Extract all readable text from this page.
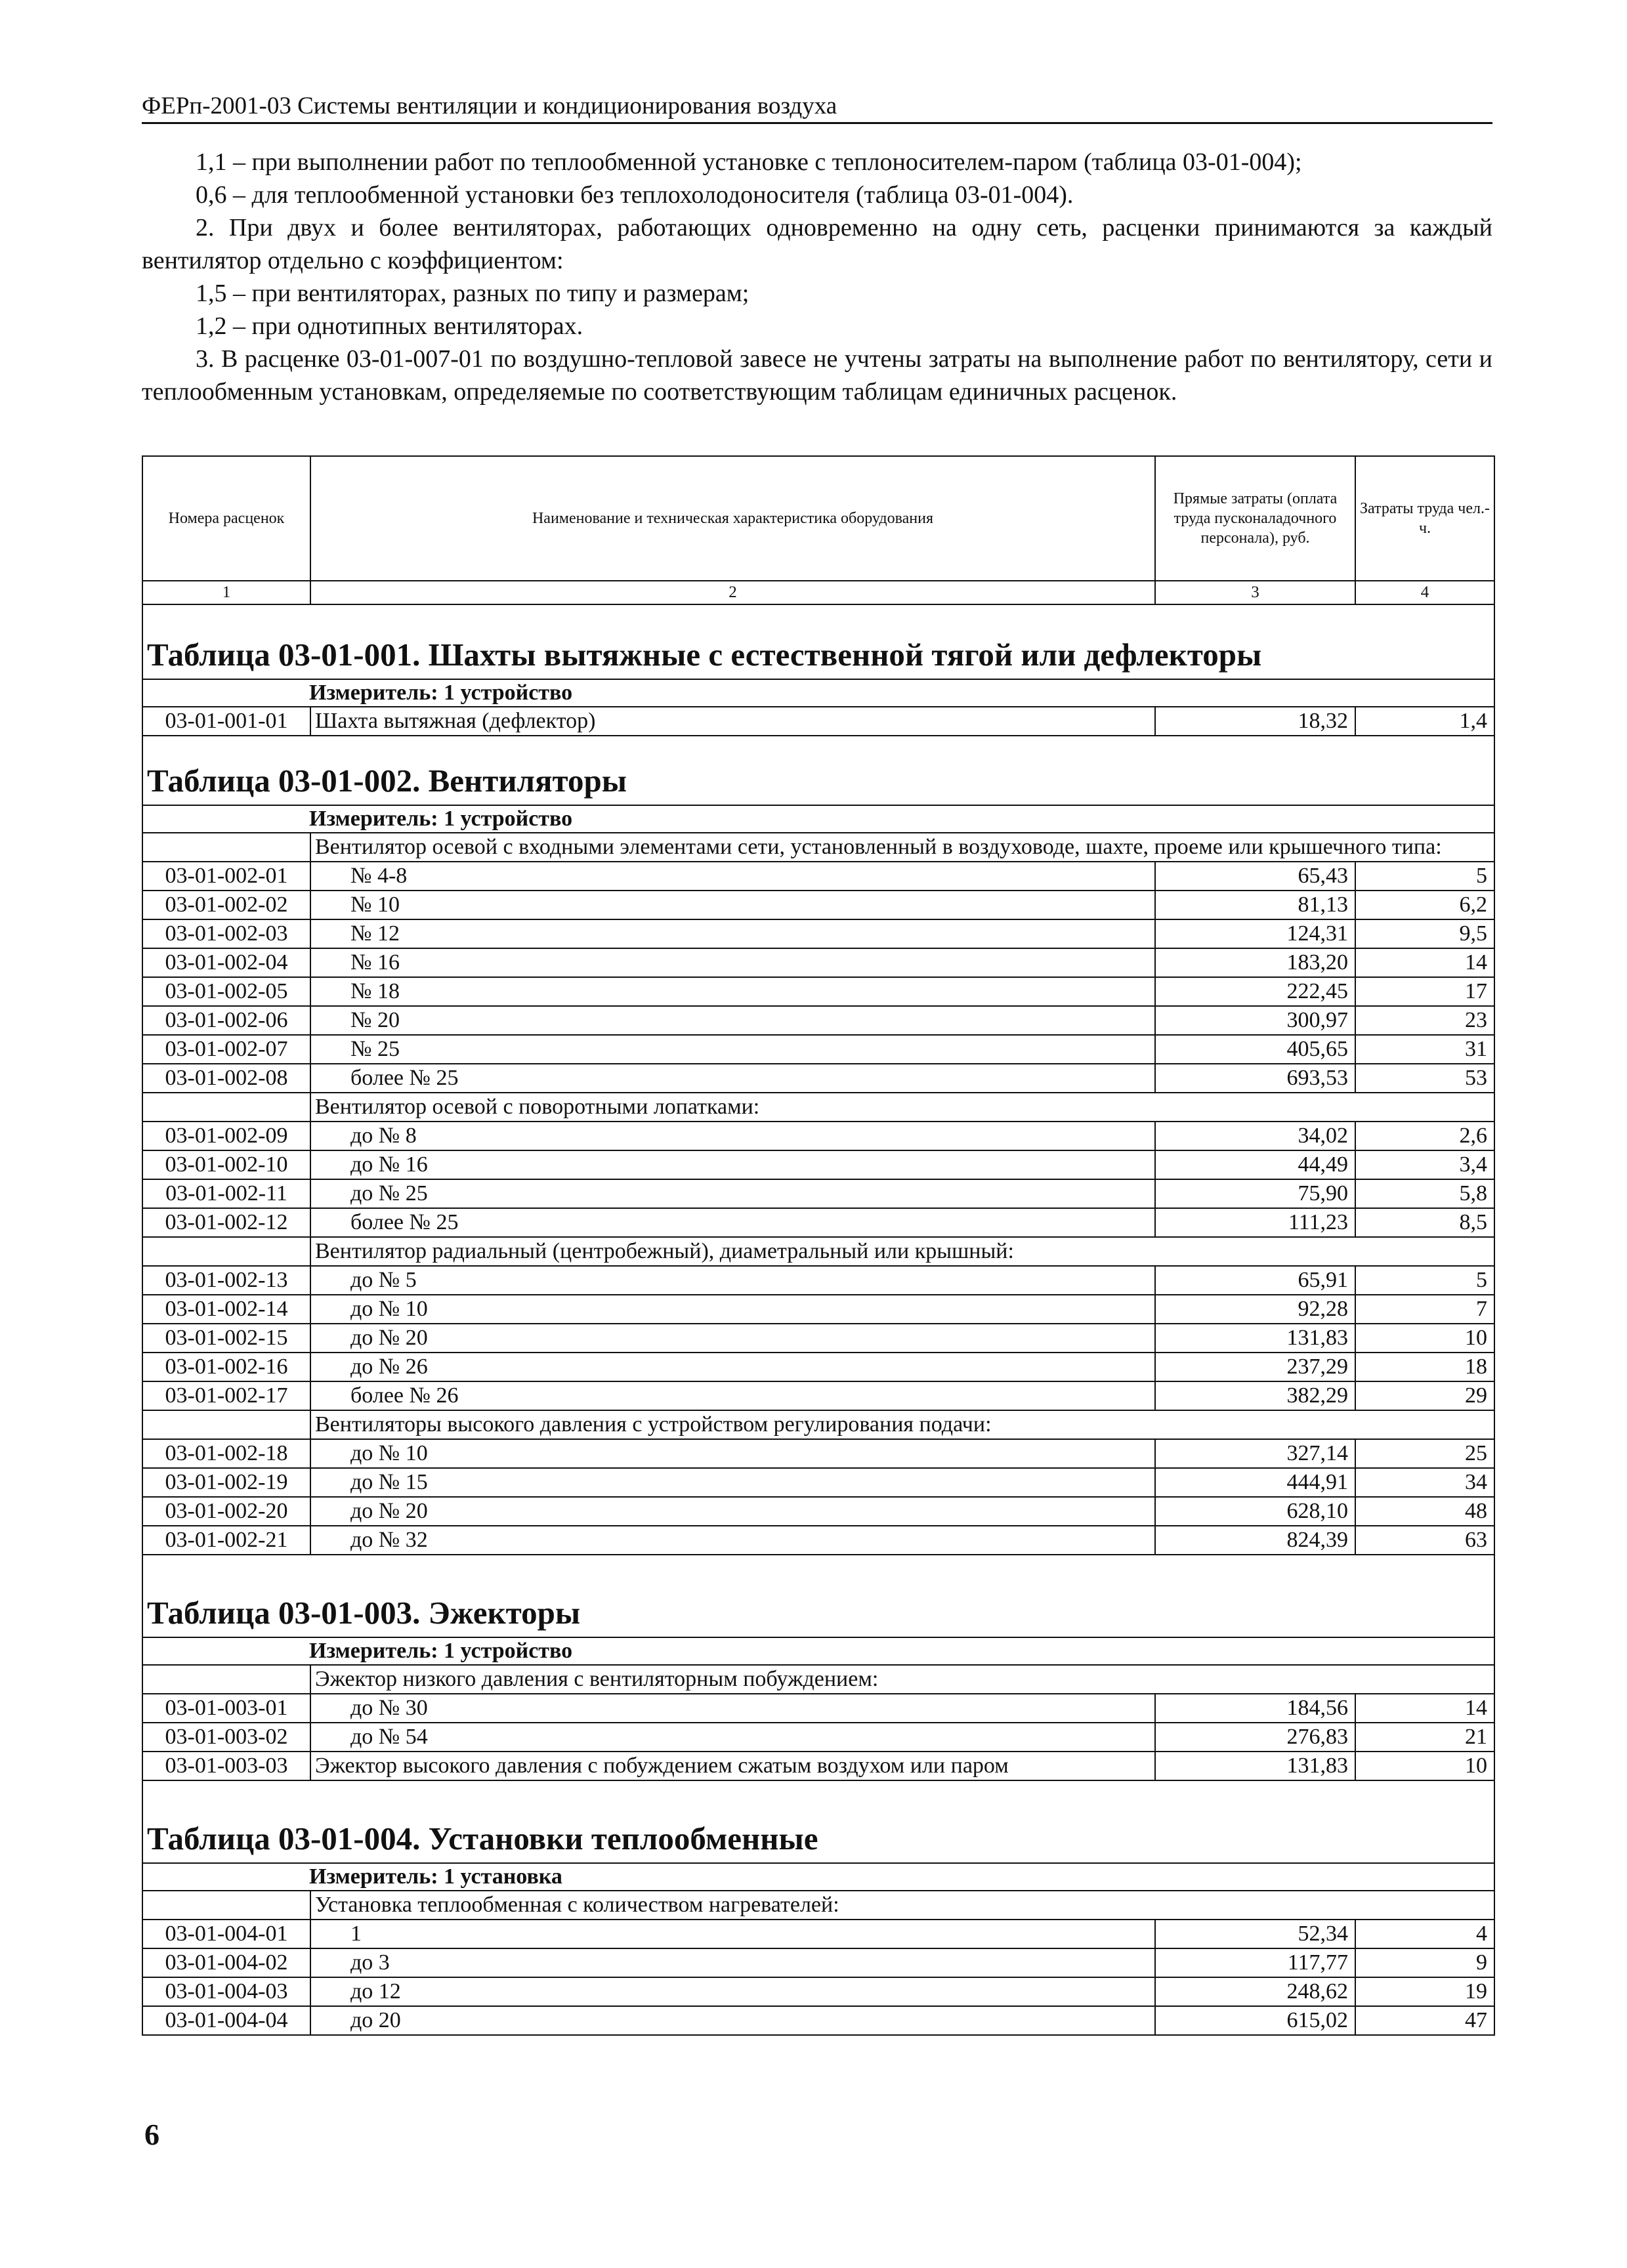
ФЕРп-2001-03 Системы вентиляции и кондиционирования воздуха

1,1 – при выполнении работ по теплообменной установке с теплоносителем-паром (таблица 03-01-004);

0,6 – для теплообменной установки без теплохолодоносителя (таблица 03-01-004).

2. При двух и более вентиляторах, работающих одновременно на одну сеть, расценки принимаются за каждый вентилятор отдельно с коэффициентом:

1,5 – при вентиляторах, разных по типу и размерам;

1,2 – при однотипных вентиляторах.

3. В расценке 03-01-007-01 по воздушно-тепловой завесе не учтены затраты на выполнение работ по вентилятору, сети и теплообменным установкам, определяемые по соответствующим таблицам единичных расценок.

Номера расценок	Наименование и техническая характеристика оборудования	Прямые затраты (оплата труда пусконаладочного персонала), руб.	Затраты труда чел.-ч.
1	2	3	4
Таблица 03-01-001. Шахты вытяжные с естественной тягой или дефлекторы			
Измеритель: 1 устройство			
03-01-001-01	Шахта вытяжная (дефлектор)	18,32	1,4
Таблица 03-01-002. Вентиляторы			
Измеритель: 1 устройство			
	Вентилятор осевой с входными элементами сети, установленный в воздуховоде, шахте, проеме или крышечного типа:		
03-01-002-01	№ 4-8	65,43	5
03-01-002-02	№ 10	81,13	6,2
03-01-002-03	№ 12	124,31	9,5
03-01-002-04	№ 16	183,20	14
03-01-002-05	№ 18	222,45	17
03-01-002-06	№ 20	300,97	23
03-01-002-07	№ 25	405,65	31
03-01-002-08	более № 25	693,53	53
	Вентилятор осевой с поворотными лопатками:		
03-01-002-09	до № 8	34,02	2,6
03-01-002-10	до № 16	44,49	3,4
03-01-002-11	до № 25	75,90	5,8
03-01-002-12	более № 25	111,23	8,5
	Вентилятор радиальный (центробежный), диаметральный или крышный:		
03-01-002-13	до № 5	65,91	5
03-01-002-14	до № 10	92,28	7
03-01-002-15	до № 20	131,83	10
03-01-002-16	до № 26	237,29	18
03-01-002-17	более № 26	382,29	29
	Вентиляторы высокого давления с устройством регулирования подачи:		
03-01-002-18	до № 10	327,14	25
03-01-002-19	до № 15	444,91	34
03-01-002-20	до № 20	628,10	48
03-01-002-21	до № 32	824,39	63
Таблица 03-01-003. Эжекторы			
Измеритель: 1 устройство			
	Эжектор низкого давления с вентиляторным побуждением:		
03-01-003-01	до № 30	184,56	14
03-01-003-02	до № 54	276,83	21
03-01-003-03	Эжектор высокого давления с побуждением сжатым воздухом или паром	131,83	10
Таблица 03-01-004. Установки теплообменные			
Измеритель: 1 установка			
	Установка теплообменная с количеством нагревателей:		
03-01-004-01	1	52,34	4
03-01-004-02	до 3	117,77	9
03-01-004-03	до 12	248,62	19
03-01-004-04	до 20	615,02	47
6
